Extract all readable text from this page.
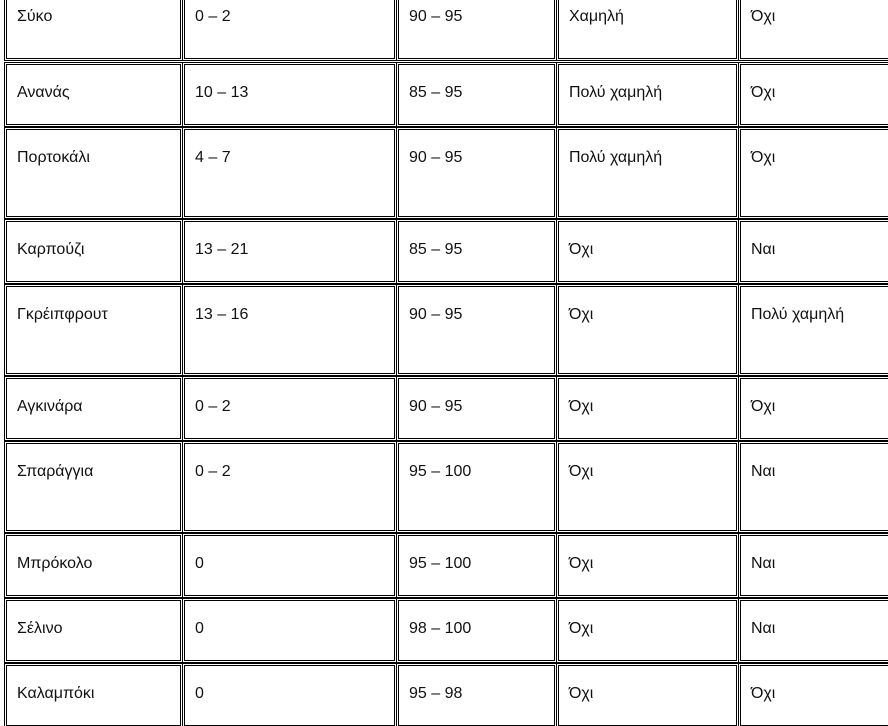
Σύκο	0 – 2	90 – 95	Χαμηλή	Όχι
Ανανάς	10 – 13	85 – 95	Πολύ χαμηλή	Όχι
Πορτοκάλι	4 – 7	90 – 95	Πολύ χαμηλή	Όχι
Καρπούζι	13 – 21	85 – 95	Όχι	Ναι
Γκρέιπφρουτ	13 – 16	90 – 95	Όχι	Πολύ χαμηλή
Αγκινάρα	0 – 2	90 – 95	Όχι	Όχι
Σπαράγγια	0 – 2	95 – 100	Όχι	Ναι
Μπρόκολο	0	95 – 100	Όχι	Ναι
Σέλινο	0	98 – 100	Όχι	Ναι
Καλαμπόκι	0	95 – 98	Όχι	Όχι
